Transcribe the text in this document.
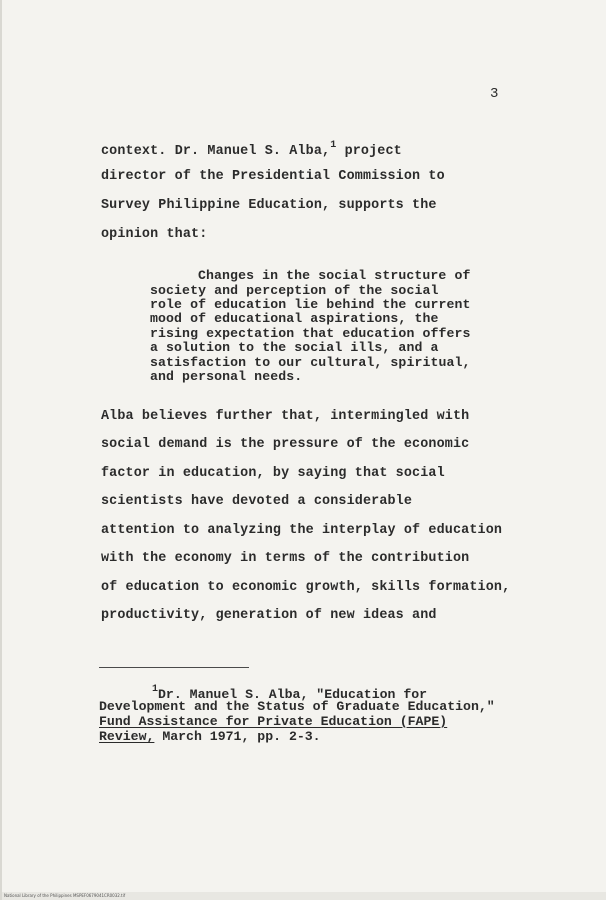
3
context. Dr. Manuel S. Alba,$^1$ project
director of the Presidential Commission to
Survey Philippine Education, supports the
opinion that:
Changes in the social structure of
society and perception of the social
role of education lie behind the current
mood of educational aspirations, the
rising expectation that education offers
a solution to the social ills, and a
satisfaction to our cultural, spiritual,
and personal needs.
Alba believes further that, intermingled with
social demand is the pressure of the economic
factor in education, by saying that social
scientists have devoted a considerable
attention to analyzing the interplay of education
with the economy in terms of the contribution
of education to economic growth, skills formation,
productivity, generation of new ideas and
$^1$Dr. Manuel S. Alba, "Education for
Development and the Status of Graduate Education,"
Fund Assistance for Private Education (FAPE)
Review, March 1971, pp. 2-3.
National Library of the Philippines MSPEF0679041CR0032.tif
